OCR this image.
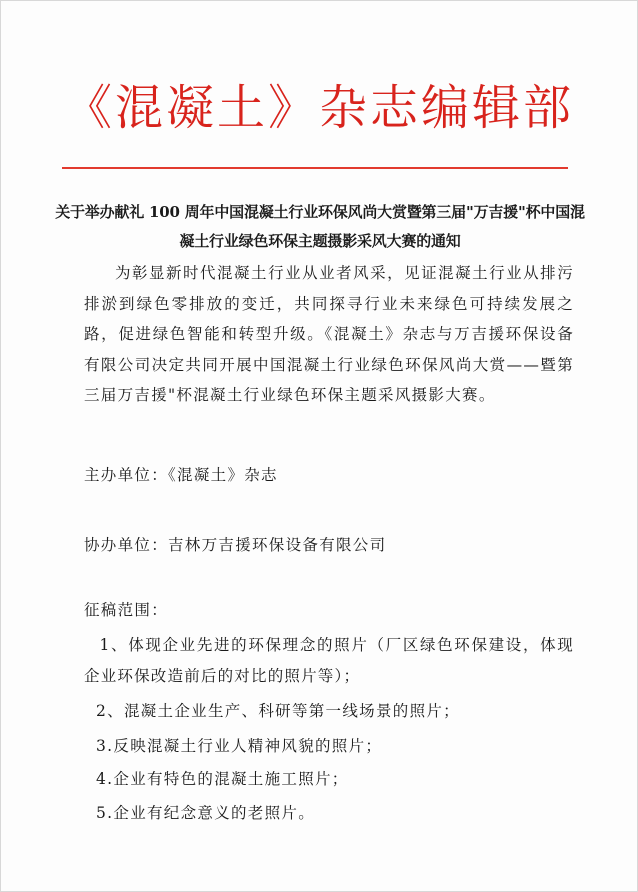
《混凝土》杂志编辑部
关于举办献礼 100 周年中国混凝土行业环保风尚大赏暨第三届"万吉援"杯中国混凝土行业绿色环保主题摄影采风大赛的通知
为彰显新时代混凝土行业从业者风采，见证混凝土行业从排污排淤到绿色零排放的变迁，共同探寻行业未来绿色可持续发展之路，促进绿色智能和转型升级。《混凝土》杂志与万吉援环保设备有限公司决定共同开展中国混凝土行业绿色环保风尚大赏——暨第三届万吉援"杯混凝土行业绿色环保主题采风摄影大赛。
主办单位：《混凝土》杂志
协办单位：吉林万吉援环保设备有限公司
征稿范围：
1、体现企业先进的环保理念的照片（厂区绿色环保建设，体现企业环保改造前后的对比的照片等）；
2、混凝土企业生产、科研等第一线场景的照片；
3.反映混凝土行业人精神风貌的照片；
4.企业有特色的混凝土施工照片；
5.企业有纪念意义的老照片。
